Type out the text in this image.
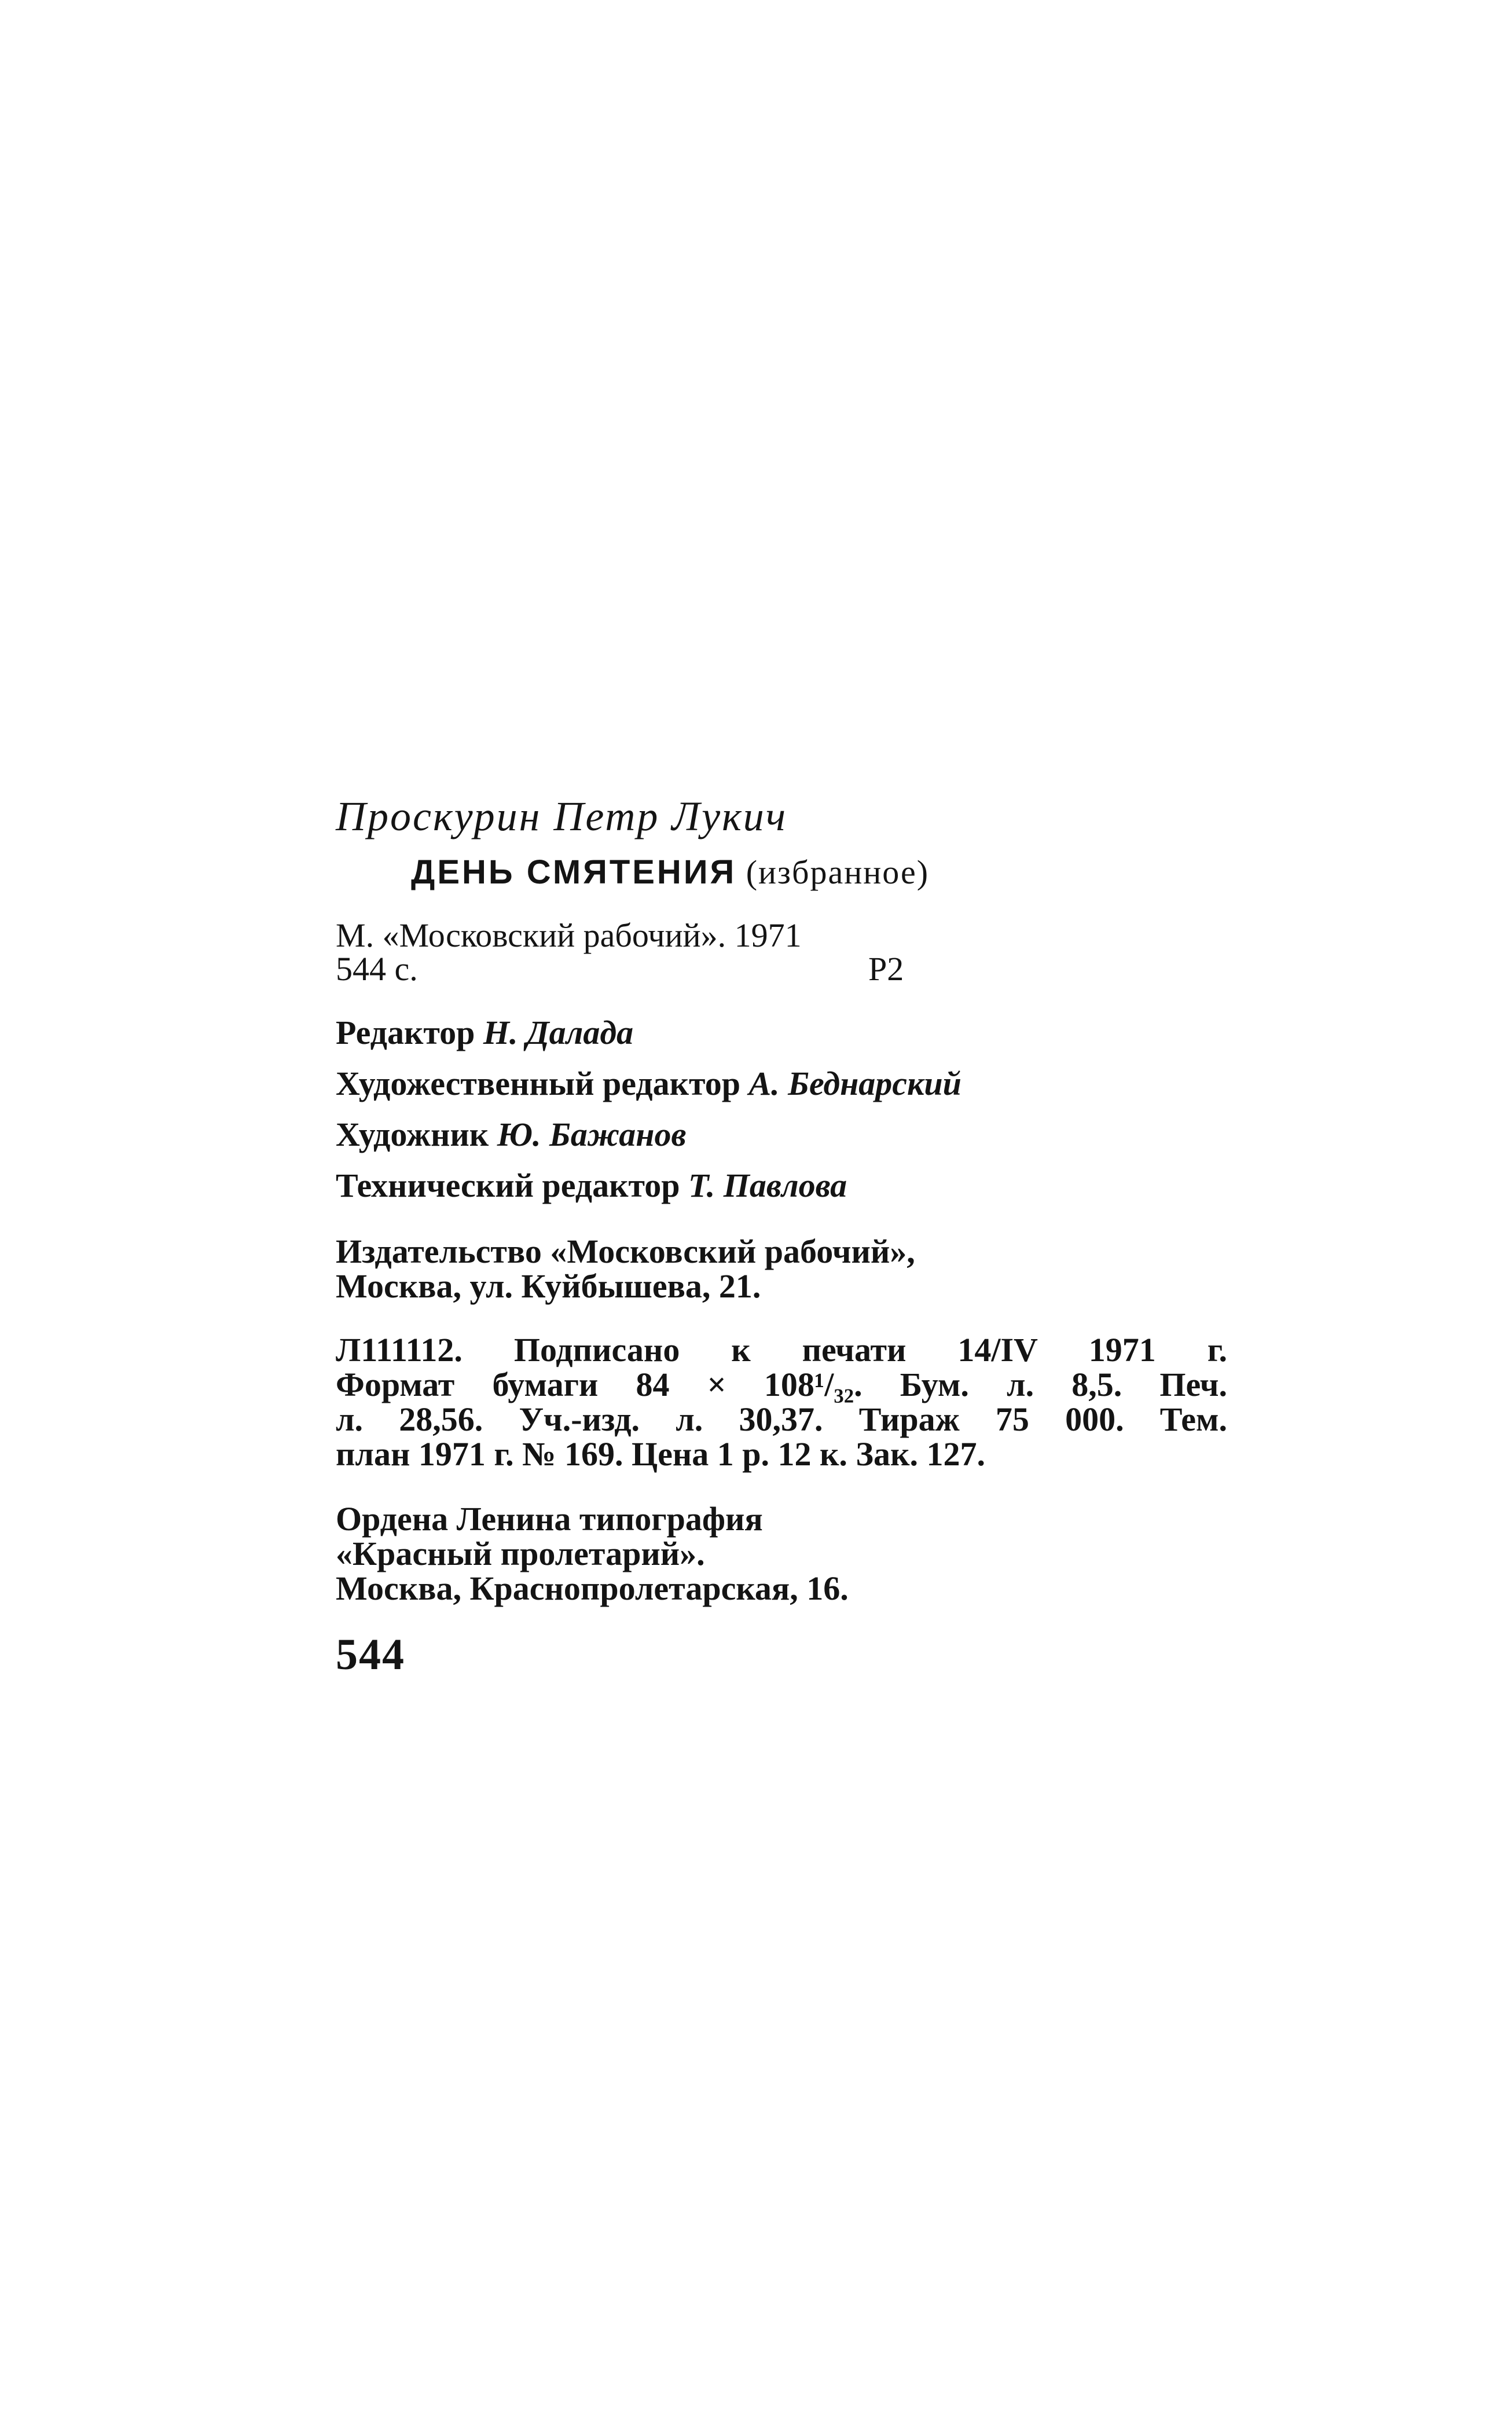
Проскурин Петр Лукич
ДЕНЬ СМЯТЕНИЯ (избранное)
М. «Московский рабочий». 1971
544 с.	Р2
Редактор Н. Далада
Художественный редактор А. Беднарский
Художник Ю. Бажанов
Технический редактор Т. Павлова
Издательство «Московский рабочий»,
Москва, ул. Куйбышева, 21.
Л111112. Подписано к печати 14/IV 1971 г.
Формат бумаги 84 × 108¹/₃₂. Бум. л. 8,5. Печ.
л. 28,56. Уч.-изд. л. 30,37. Тираж 75 000. Тем.
план 1971 г. № 169. Цена 1 р. 12 к. Зак. 127.
Ордена Ленина типография
«Красный пролетарий».
Москва, Краснопролетарская, 16.
544
